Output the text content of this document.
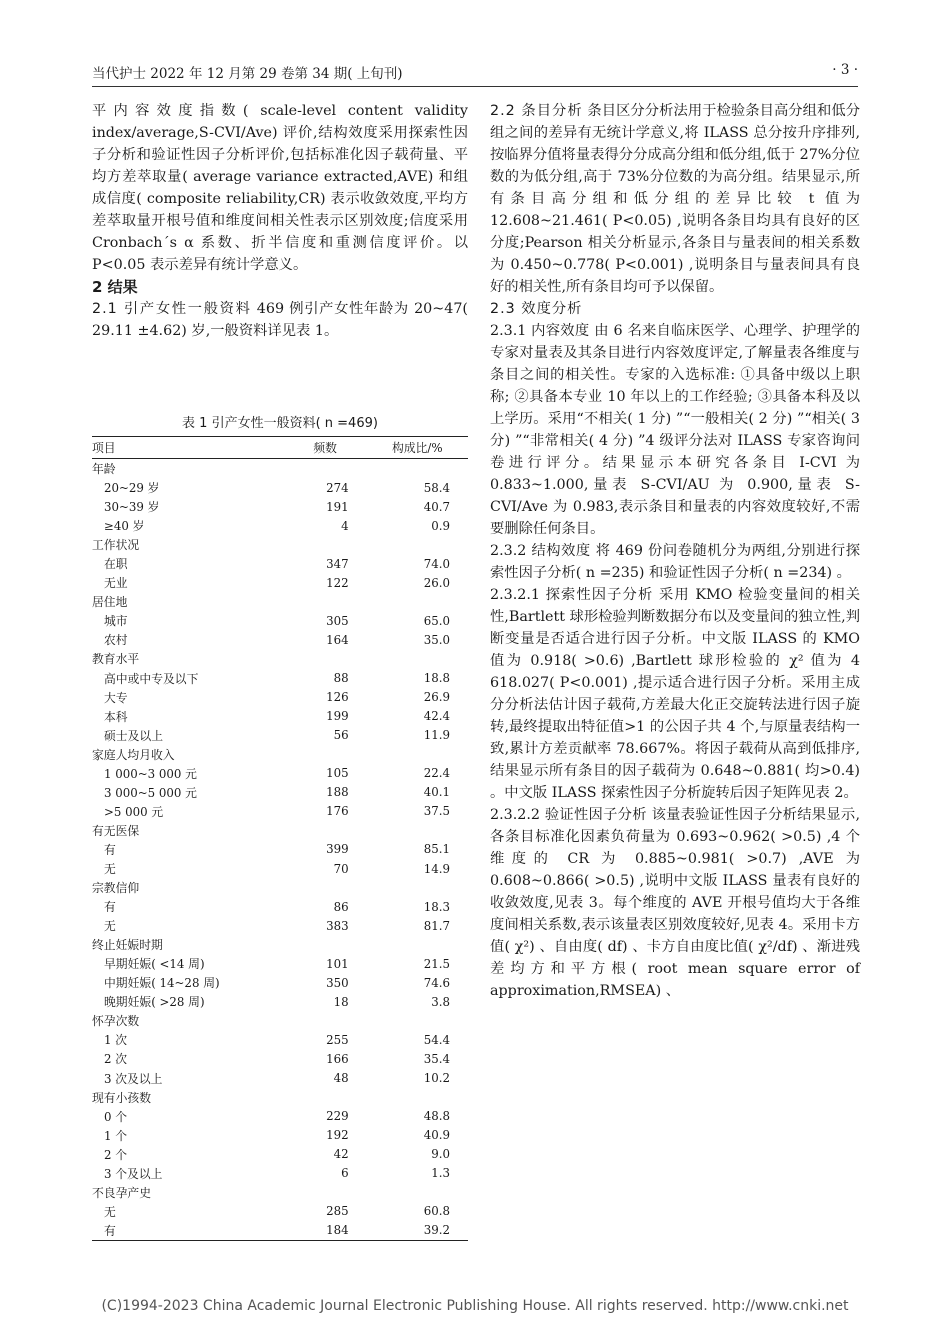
当代护士 2022 年 12 月第 29 卷第 34 期( 上旬刊)	· 3 ·

平内容效度指数( scale-level content validity index/average,S-CVI/Ave) 评价,结构效度采用探索性因子分析和验证性因子分析评价,包括标准化因子载荷量、平均方差萃取量( average variance extracted,AVE) 和组成信度( composite reliability,CR) 表示收敛效度,平均方差萃取量开根号值和维度间相关性表示区别效度;信度采用 Cronbach´s α 系数、折半信度和重测信度评价。以 P<0.05 表示差异有统计学意义。

2 结果

2.1 引产女性一般资料 469 例引产女性年龄为 20~47( 29.11 ±4.62) 岁,一般资料详见表 1。

表 1 引产女性一般资料( n =469)
项目	频数	构成比/%
年龄		
20~29 岁	274	58.4
30~39 岁	191	40.7
≥40 岁	4	0.9
工作状况		
在职	347	74.0
无业	122	26.0
居住地		
城市	305	65.0
农村	164	35.0
教育水平		
高中或中专及以下	88	18.8
大专	126	26.9
本科	199	42.4
硕士及以上	56	11.9
家庭人均月收入		
1 000~3 000 元	105	22.4
3 000~5 000 元	188	40.1
>5 000 元	176	37.5
有无医保		
有	399	85.1
无	70	14.9
宗教信仰		
有	86	18.3
无	383	81.7
终止妊娠时期		
早期妊娠( <14 周)	101	21.5
中期妊娠( 14~28 周)	350	74.6
晚期妊娠( >28 周)	18	3.8
怀孕次数		
1 次	255	54.4
2 次	166	35.4
3 次及以上	48	10.2
现有小孩数		
0 个	229	48.8
1 个	192	40.9
2 个	42	9.0
3 个及以上	6	1.3
不良孕产史		
无	285	60.8
有	184	39.2

2.2 条目分析 条目区分分析法用于检验条目高分组和低分组之间的差异有无统计学意义,将 ILASS 总分按升序排列,按临界分值将量表得分分成高分组和低分组,低于 27%分位数的为低分组,高于 73%分位数的为高分组。结果显示,所有条目高分组和低分组的差异比较 t 值为 12.608~21.461( P<0.05) ,说明各条目均具有良好的区分度;Pearson 相关分析显示,各条目与量表间的相关系数为 0.450~0.778( P<0.001) ,说明条目与量表间具有良好的相关性,所有条目均可予以保留。

2.3 效度分析

2.3.1 内容效度 由 6 名来自临床医学、心理学、护理学的专家对量表及其条目进行内容效度评定,了解量表各维度与条目之间的相关性。专家的入选标准: ①具备中级以上职称; ②具备本专业 10 年以上的工作经验; ③具备本科及以上学历。采用“不相关( 1 分) ”“一般相关( 2 分) ”“相关( 3 分) ”“非常相关( 4 分) ”4 级评分法对 ILASS 专家咨询问卷进行评分。结果显示本研究各条目 I-CVI 为 0.833~1.000,量表 S-CVI/AU 为 0.900,量表 S-CVI/Ave 为 0.983,表示条目和量表的内容效度较好,不需要删除任何条目。

2.3.2 结构效度 将 469 份问卷随机分为两组,分别进行探索性因子分析( n =235) 和验证性因子分析( n =234) 。

2.3.2.1 探索性因子分析 采用 KMO 检验变量间的相关性,Bartlett 球形检验判断数据分布以及变量间的独立性,判断变量是否适合进行因子分析。中文版 ILASS 的 KMO 值为 0.918( >0.6) ,Bartlett 球形检验的 χ² 值为 4 618.027( P<0.001) ,提示适合进行因子分析。采用主成分分析法估计因子载荷,方差最大化正交旋转法进行因子旋转,最终提取出特征值>1 的公因子共 4 个,与原量表结构一致,累计方差贡献率 78.667%。将因子载荷从高到低排序,结果显示所有条目的因子载荷为 0.648~0.881( 均>0.4) 。中文版 ILASS 探索性因子分析旋转后因子矩阵见表 2。

2.3.2.2 验证性因子分析 该量表验证性因子分析结果显示,各条目标准化因素负荷量为 0.693~0.962( >0.5) ,4 个维度的 CR 为 0.885~0.981( >0.7) ,AVE 为 0.608~0.866( >0.5) ,说明中文版 ILASS 量表有良好的收敛效度,见表 3。每个维度的 AVE 开根号值均大于各维度间相关系数,表示该量表区别效度较好,见表 4。采用卡方值( χ²) 、自由度( df) 、卡方自由度比值( χ²/df) 、渐进残差均方和平方根( root mean square error of approximation,RMSEA) 、

(C)1994-2023 China Academic Journal Electronic Publishing House. All rights reserved. http://www.cnki.net
